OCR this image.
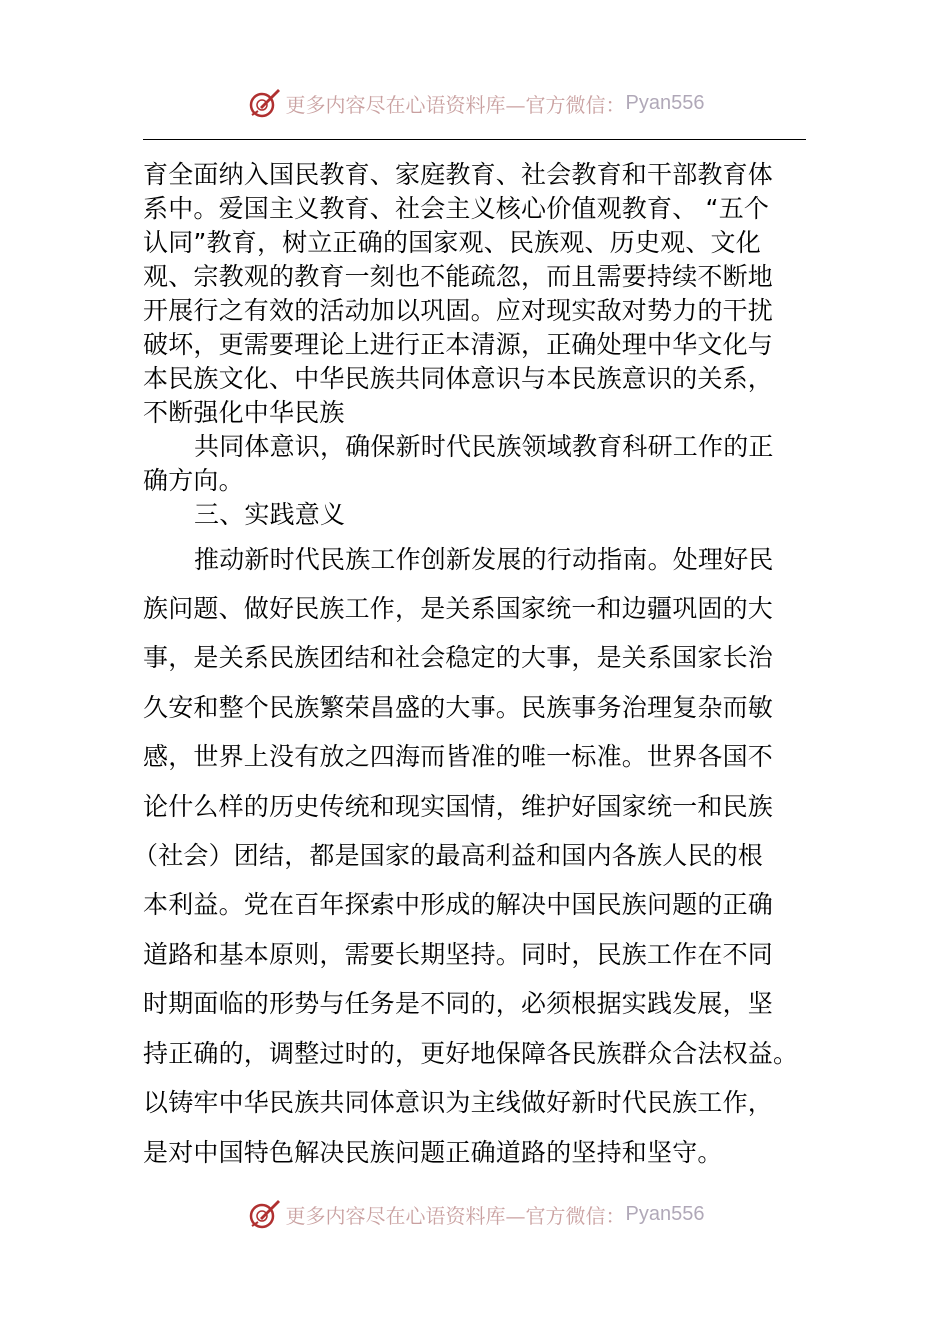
更多内容尽在心语资料库—官方微信： Pyan556
育全面纳入国民教育、家庭教育、社会教育和干部教育体
系中。爱国主义教育、社会主义核心价值观教育、 “五个
认同”教育，树立正确的国家观、民族观、历史观、文化
观、宗教观的教育一刻也不能疏忽，而且需要持续不断地
开展行之有效的活动加以巩固。应对现实敌对势力的干扰
破坏，更需要理论上进行正本清源，正确处理中华文化与
本民族文化、中华民族共同体意识与本民族意识的关系，
不断强化中华民族
共同体意识，确保新时代民族领域教育科研工作的正
确方向。
三、实践意义
推动新时代民族工作创新发展的行动指南。处理好民
族问题、做好民族工作，是关系国家统一和边疆巩固的大
事，是关系民族团结和社会稳定的大事，是关系国家长治
久安和整个民族繁荣昌盛的大事。民族事务治理复杂而敏
感，世界上没有放之四海而皆准的唯一标准。世界各国不
论什么样的历史传统和现实国情，维护好国家统一和民族
（社会）团结，都是国家的最高利益和国内各族人民的根
本利益。党在百年探索中形成的解决中国民族问题的正确
道路和基本原则，需要长期坚持。同时，民族工作在不同
时期面临的形势与任务是不同的，必须根据实践发展，坚
持正确的，调整过时的，更好地保障各民族群众合法权益。
以铸牢中华民族共同体意识为主线做好新时代民族工作，
是对中国特色解决民族问题正确道路的坚持和坚守。
更多内容尽在心语资料库—官方微信： Pyan556
